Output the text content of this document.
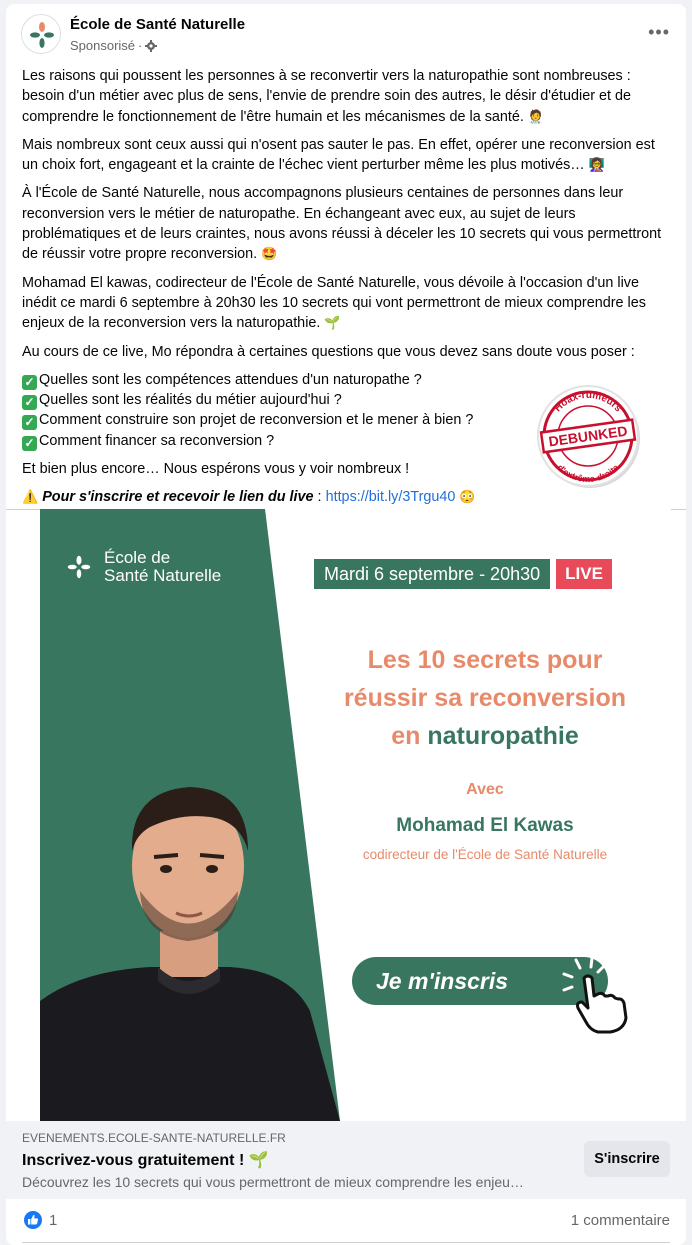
École de Santé Naturelle
Sponsorisé ·
•••

Les raisons qui poussent les personnes à se reconvertir vers la naturopathie sont nombreuses : besoin d'un métier avec plus de sens, l'envie de prendre soin des autres, le désir d'étudier et de comprendre le fonctionnement de l'être humain et les mécanismes de la santé. 🧑‍⚕️

Mais nombreux sont ceux aussi qui n'osent pas sauter le pas. En effet, opérer une reconversion est un choix fort, engageant et la crainte de l'échec vient perturber même les plus motivés… 👩‍🏫

À l'École de Santé Naturelle, nous accompagnons plusieurs centaines de personnes dans leur reconversion vers le métier de naturopathe. En échangeant avec eux, au sujet de leurs problématiques et de leurs craintes, nous avons réussi à déceler les 10 secrets qui vous permettront de réussir votre propre reconversion. 🤩

Mohamad El kawas, codirecteur de l'École de Santé Naturelle, vous dévoile à l'occasion d'un live inédit ce mardi 6 septembre à 20h30 les 10 secrets qui vont permettront de mieux comprendre les enjeux de la reconversion vers la naturopathie. 🌱

Au cours de ce live, Mo répondra à certaines questions que vous devez sans doute vous poser :

✓ Quelles sont les compétences attendues d'un naturopathe ?
✓ Quelles sont les réalités du métier aujourd'hui ?
✓ Comment construire son projet de reconversion et le mener à bien ?
✓ Comment financer sa reconversion ?

Et bien plus encore… Nous espérons vous y voir nombreux !

⚠️ Pour s'inscrire et recevoir le lien du live : https://bit.ly/3Trgu40 😳

Hoax-rumeurs
DEBUNKED
d'extrême-droite
École de
Santé Naturelle	Mardi 6 septembre - 20h30	LIVE
Les 10 secrets pour
réussir sa reconversion
en naturopathie
Avec
Mohamad El Kawas
codirecteur de l'École de Santé Naturelle
Je m'inscris
EVENEMENTS.ECOLE-SANTE-NATURELLE.FR
Inscrivez-vous gratuitement ! 🌱
Découvrez les 10 secrets qui vous permettront de mieux comprendre les enjeu…
S'inscrire
1	1 commentaire
